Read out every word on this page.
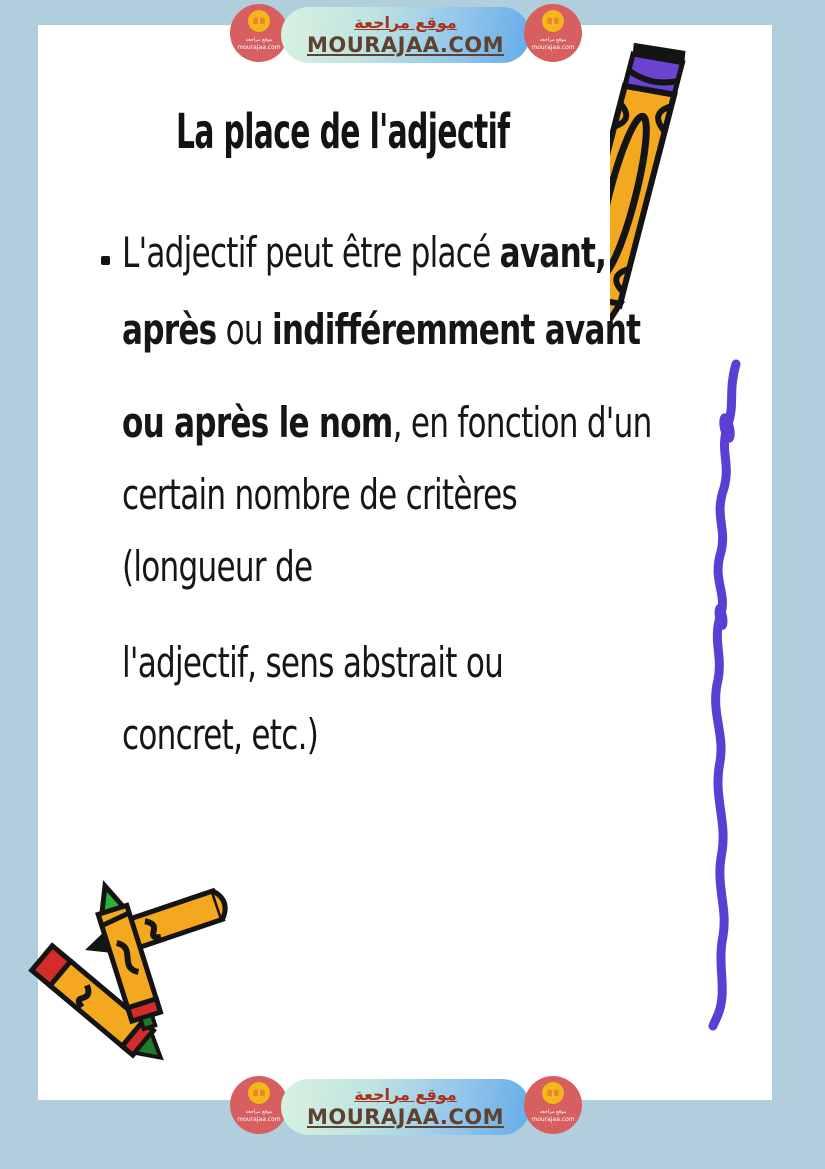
موقع مراجعة
mourajaa.com
موقع مراجعة
MOURAJAA.COM	موقع مراجعة
mourajaa.com
La place de l'adjectif
L'adjectif peut être placé avant,
après ou indifféremment avant
ou après le nom, en fonction d'un
certain nombre de critères
(longueur de
l'adjectif, sens abstrait ou
concret, etc.)
موقع مراجعة
mourajaa.com
موقع مراجعة
MOURAJAA.COM	موقع مراجعة
mourajaa.com
